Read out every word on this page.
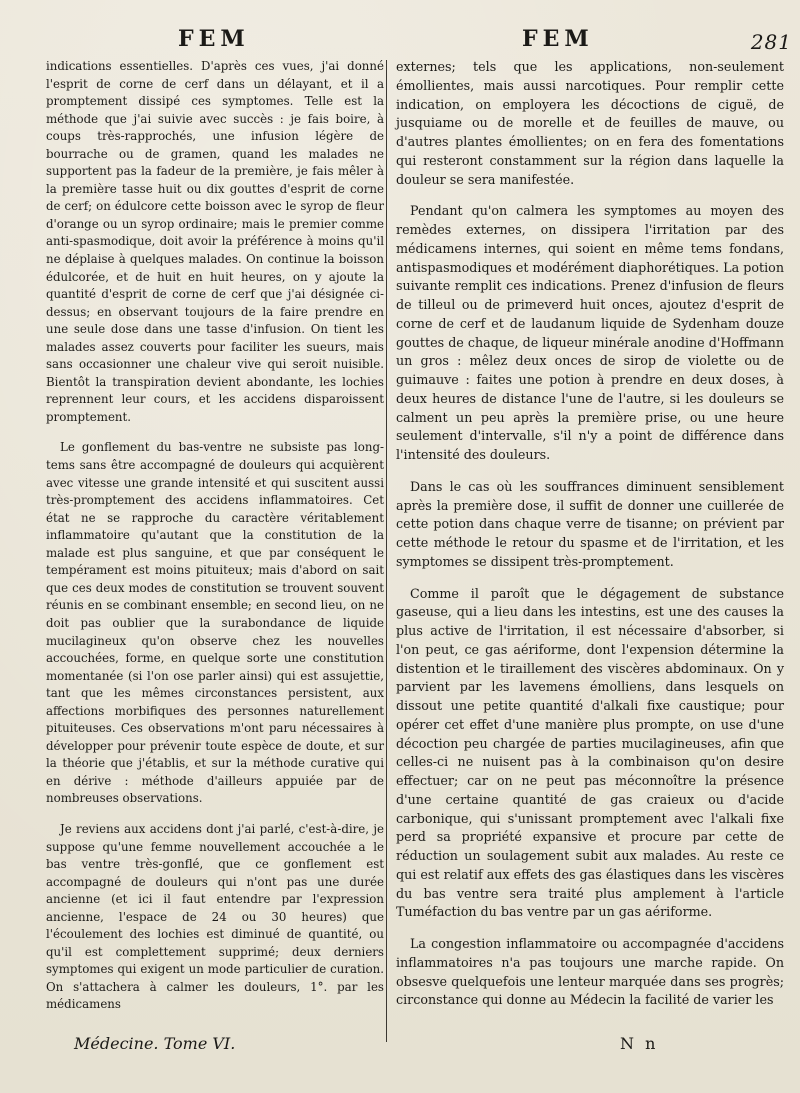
FEM	FEM	281

indications essentielles. D'après ces vues, j'ai donné l'esprit de corne de cerf dans un délayant, et il a promptement dissipé ces symptomes. Telle est la méthode que j'ai suivie avec succès : je fais boire, à coups très-rapprochés, une infusion légère de bourrache ou de gramen, quand les malades ne supportent pas la fadeur de la première, je fais mêler à la première tasse huit ou dix gouttes d'esprit de corne de cerf; on édulcore cette boisson avec le syrop de fleur d'orange ou un syrop ordinaire; mais le premier comme anti-spasmodique, doit avoir la préférence à moins qu'il ne déplaise à quelques malades. On continue la boisson édulcorée, et de huit en huit heures, on y ajoute la quantité d'esprit de corne de cerf que j'ai désignée ci-dessus; en observant toujours de la faire prendre en une seule dose dans une tasse d'infusion. On tient les malades assez couverts pour faciliter les sueurs, mais sans occasionner une chaleur vive qui seroit nuisible. Bientôt la transpiration devient abondante, les lochies reprennent leur cours, et les accidens disparoissent promptement.

Le gonflement du bas-ventre ne subsiste pas long-tems sans être accompagné de douleurs qui acquièrent avec vitesse une grande intensité et qui suscitent aussi très-promptement des accidens inflammatoires. Cet état ne se rapproche du caractère véritablement inflammatoire qu'autant que la constitution de la malade est plus sanguine, et que par conséquent le tempérament est moins pituiteux; mais d'abord on sait que ces deux modes de constitution se trouvent souvent réunis en se combinant ensemble; en second lieu, on ne doit pas oublier que la surabondance de liquide mucilagineux qu'on observe chez les nouvelles accouchées, forme, en quelque sorte une constitution momentanée (si l'on ose parler ainsi) qui est assujettie, tant que les mêmes circonstances persistent, aux affections morbifiques des personnes naturellement pituiteuses. Ces observations m'ont paru nécessaires à développer pour prévenir toute espèce de doute, et sur la théorie que j'établis, et sur la méthode curative qui en dérive : méthode d'ailleurs appuiée par de nombreuses observations.

Je reviens aux accidens dont j'ai parlé, c'est-à-dire, je suppose qu'une femme nouvellement accouchée a le bas ventre très-gonflé, que ce gonflement est accompagné de douleurs qui n'ont pas une durée ancienne (et ici il faut entendre par l'expression ancienne, l'espace de 24 ou 30 heures) que l'écoulement des lochies est diminué de quantité, ou qu'il est complettement supprimé; deux derniers symptomes qui exigent un mode particulier de curation. On s'attachera à calmer les douleurs, 1°. par les médicamens

externes; tels que les applications, non-seulement émollientes, mais aussi narcotiques. Pour remplir cette indication, on employera les décoctions de ciguë, de jusquiame ou de morelle et de feuilles de mauve, ou d'autres plantes émollientes; on en fera des fomentations qui resteront constamment sur la région dans laquelle la douleur se sera manifestée.

Pendant qu'on calmera les symptomes au moyen des remèdes externes, on dissipera l'irritation par des médicamens internes, qui soient en même tems fondans, antispasmodiques et modérément diaphorétiques. La potion suivante remplit ces indications. Prenez d'infusion de fleurs de tilleul ou de primeverd huit onces, ajoutez d'esprit de corne de cerf et de laudanum liquide de Sydenham douze gouttes de chaque, de liqueur minérale anodine d'Hoffmann un gros : mêlez deux onces de sirop de violette ou de guimauve : faites une potion à prendre en deux doses, à deux heures de distance l'une de l'autre, si les douleurs se calment un peu après la première prise, ou une heure seulement d'intervalle, s'il n'y a point de différence dans l'intensité des douleurs.

Dans le cas où les souffrances diminuent sensiblement après la première dose, il suffit de donner une cuillerée de cette potion dans chaque verre de tisanne; on prévient par cette méthode le retour du spasme et de l'irritation, et les symptomes se dissipent très-promptement.

Comme il paroît que le dégagement de substance gaseuse, qui a lieu dans les intestins, est une des causes la plus active de l'irritation, il est nécessaire d'absorber, si l'on peut, ce gas aériforme, dont l'expension détermine la distention et le tiraillement des viscères abdominaux. On y parvient par les lavemens émolliens, dans lesquels on dissout une petite quantité d'alkali fixe caustique; pour opérer cet effet d'une manière plus prompte, on use d'une décoction peu chargée de parties mucilagineuses, afin que celles-ci ne nuisent pas à la combinaison qu'on desire effectuer; car on ne peut pas méconnoître la présence d'une certaine quantité de gas craieux ou d'acide carbonique, qui s'unissant promptement avec l'alkali fixe perd sa propriété expansive et procure par cette de réduction un soulagement subit aux malades. Au reste ce qui est relatif aux effets des gas élastiques dans les viscères du bas ventre sera traité plus amplement à l'article Tuméfaction du bas ventre par un gas aériforme.

La congestion inflammatoire ou accompagnée d'accidens inflammatoires n'a pas toujours une marche rapide. On obsesve quelquefois une lenteur marquée dans ses progrès; circonstance qui donne au Médecin la facilité de varier les

Médecine. Tome VI.	N n
